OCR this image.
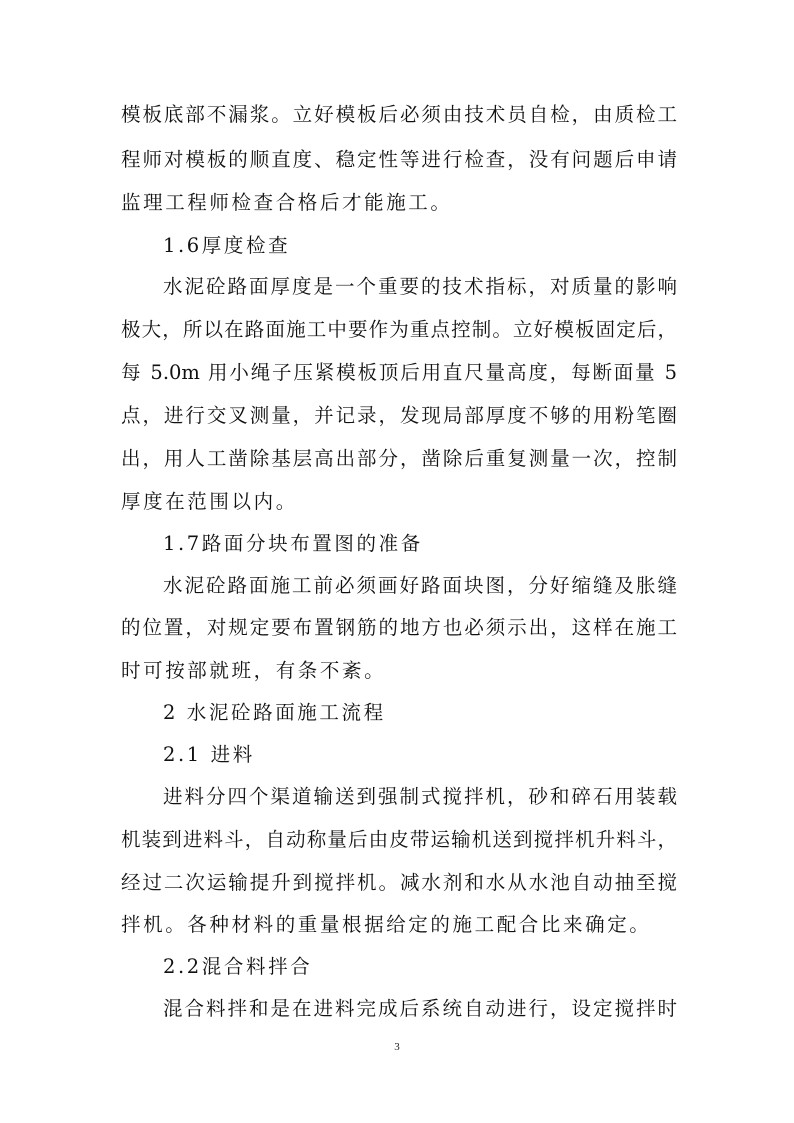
模板底部不漏浆。立好模板后必须由技术员自检，由质检工
程师对模板的顺直度、稳定性等进行检查，没有问题后申请
监理工程师检查合格后才能施工。
1.6厚度检查
水泥砼路面厚度是一个重要的技术指标，对质量的影响
极大，所以在路面施工中要作为重点控制。立好模板固定后，
每 5.0m 用小绳子压紧模板顶后用直尺量高度，每断面量 5
点，进行交叉测量，并记录，发现局部厚度不够的用粉笔圈
出，用人工凿除基层高出部分，凿除后重复测量一次，控制
厚度在范围以内。
1.7路面分块布置图的准备
水泥砼路面施工前必须画好路面块图，分好缩缝及胀缝
的位置，对规定要布置钢筋的地方也必须示出，这样在施工
时可按部就班，有条不紊。
2 水泥砼路面施工流程
2.1 进料
进料分四个渠道输送到强制式搅拌机，砂和碎石用装载
机装到进料斗，自动称量后由皮带运输机送到搅拌机升料斗，
经过二次运输提升到搅拌机。减水剂和水从水池自动抽至搅
拌机。各种材料的重量根据给定的施工配合比来确定。
2.2混合料拌合
混合料拌和是在进料完成后系统自动进行，设定搅拌时
3
